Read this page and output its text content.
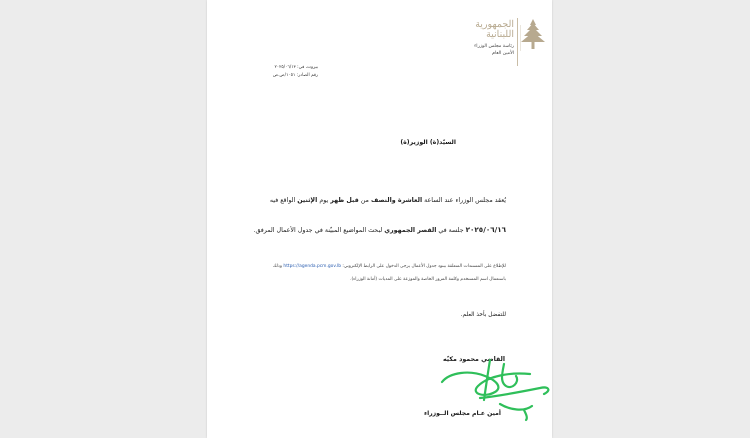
الجمهورية
اللبنانية
رئاسة مجلس الوزراء
الأمين العام
بيروت، في: ٢٠٢٥/٠٦/١٣
رقم الصادر: ١٠٥١/ص.ص
السيّد(ة) الوزير(ة)
يُعقد مجلس الوزراء عند الساعة العاشرة والنصف من قبل ظهر يوم الإثنين الواقع فيه
٢٠٢٥/٠٦/١٦ جلسة في القصر الجمهوري لبحث المواضيع المبيّنة في جدول الأعمال المرفق.
للإطلاع على المستندات المتعلقة ببنود جدول الأعمال يرجى الدخول على الرابط الإلكتروني: https://agenda.pcm.gov.lb وذلك
باستعمال اسم المستخدم وكلمة المرور الخاصة والموزعة على المديات (أمانة الوزراء).
للتفضل بأخذ العلم.
القاضي محمود مكيّه
أمين عـام مجلس الــوزراء
